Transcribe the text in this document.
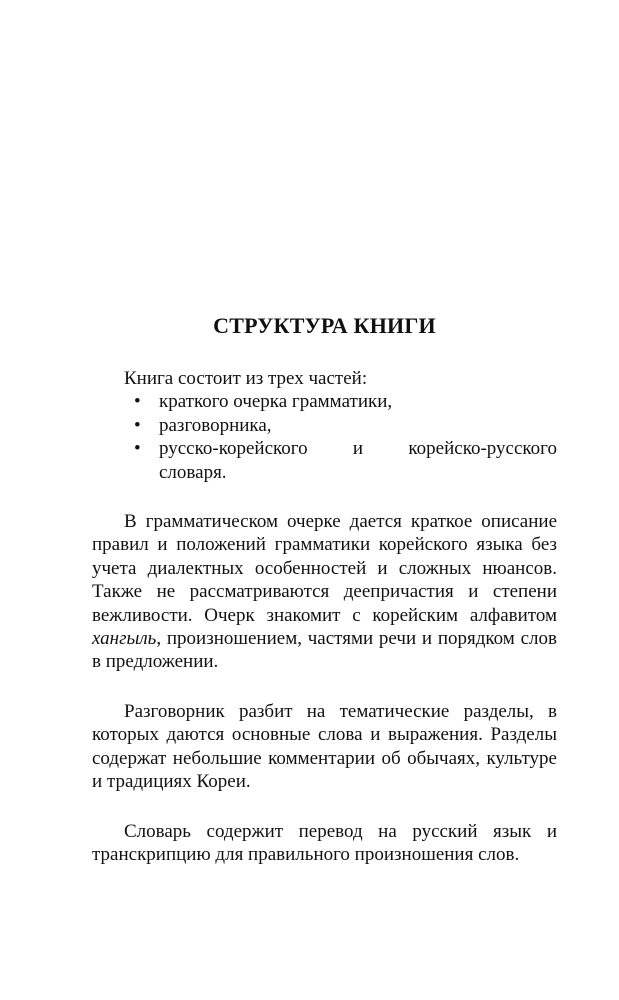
СТРУКТУРА КНИГИ

Книга состоит из трех частей:

• краткого очерка грамматики,
• разговорника,
• русско-корейского и корейско-русского словаря.

В грамматическом очерке дается краткое описание правил и положений грамматики корейского языка без учета диалектных особенностей и сложных нюансов. Также не рассматриваются деепричастия и степени вежливости. Очерк знакомит с корейским алфавитом хангыль, произношением, частями речи и порядком слов в предложении.

Разговорник разбит на тематические разделы, в которых даются основные слова и выражения. Разделы содержат небольшие комментарии об обычаях, культуре и традициях Кореи.

Словарь содержит перевод на русский язык и транскрипцию для правильного произношения слов.
